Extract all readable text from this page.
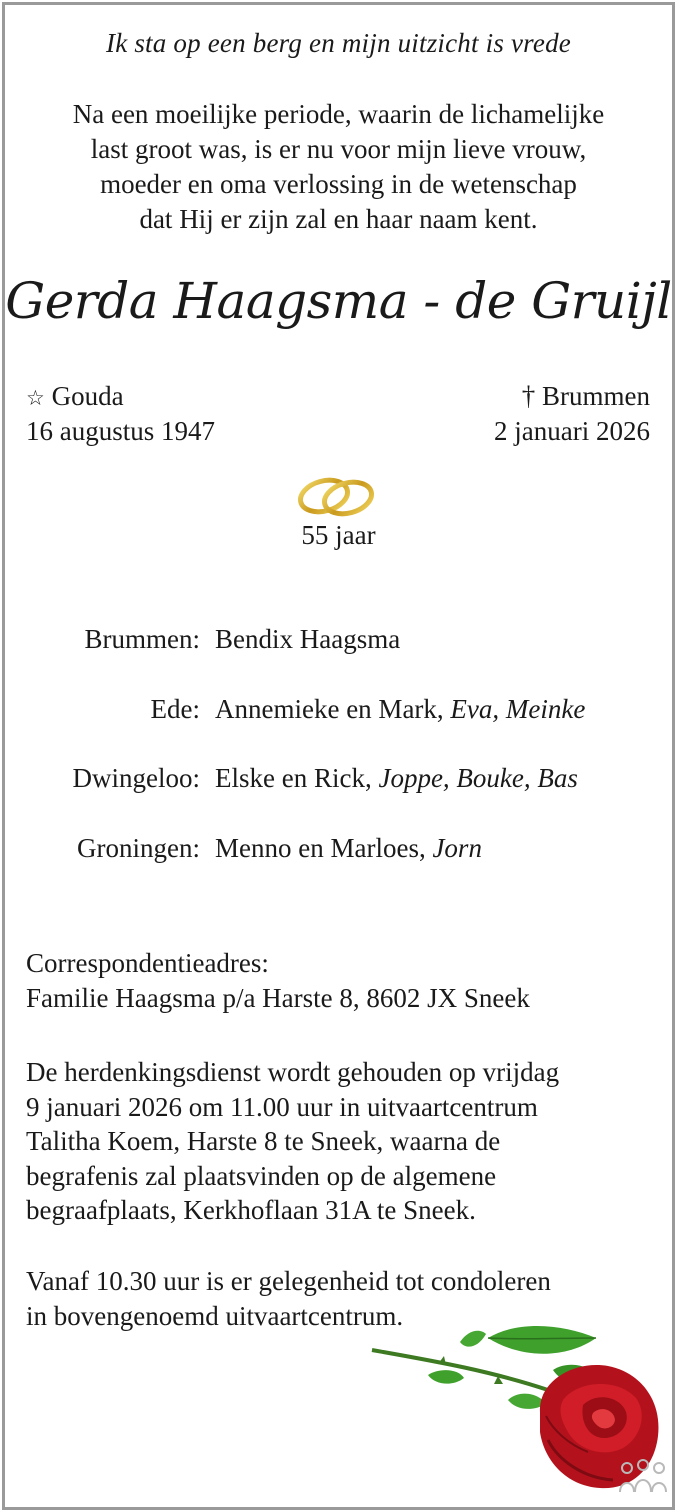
Ik sta op een berg en mijn uitzicht is vrede
Na een moeilijke periode, waarin de lichamelijke
last groot was, is er nu voor mijn lieve vrouw,
moeder en oma verlossing in de wetenschap
dat Hij er zijn zal en haar naam kent.
Gerda Haagsma - de Gruijl
☆ Gouda
16 augustus 1947
† Brummen
2 januari 2026
55 jaar
Brummen: Bendix Haagsma
Ede: Annemieke en Mark, Eva, Meinke
Dwingeloo: Elske en Rick, Joppe, Bouke, Bas
Groningen: Menno en Marloes, Jorn
Correspondentieadres:
Familie Haagsma p/a Harste 8, 8602 JX Sneek
De herdenkingsdienst wordt gehouden op vrijdag
9 januari 2026 om 11.00 uur in uitvaartcentrum
Talitha Koem, Harste 8 te Sneek, waarna de
begrafenis zal plaatsvinden op de algemene
begraafplaats, Kerkhoflaan 31A te Sneek.
Vanaf 10.30 uur is er gelegenheid tot condoleren
in bovengenoemd uitvaartcentrum.
